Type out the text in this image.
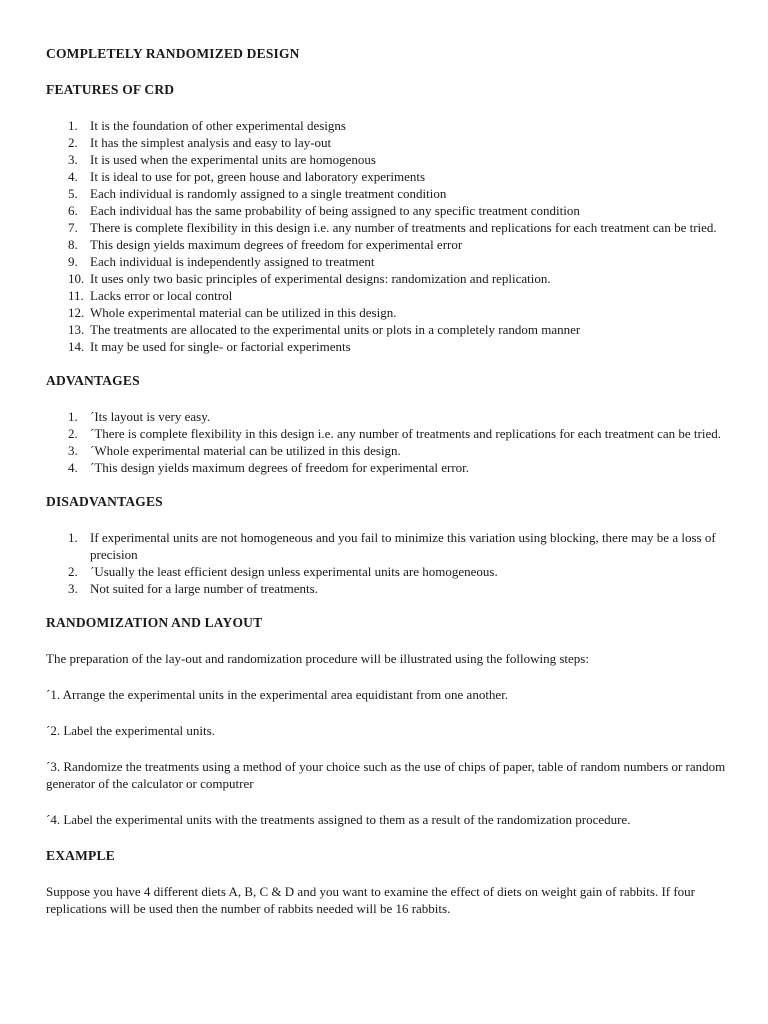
COMPLETELY RANDOMIZED DESIGN
FEATURES OF CRD
1. It is the foundation of other experimental designs
2. It has the simplest analysis and easy to lay-out
3. It is used when the experimental units are homogenous
4. It is ideal to use for pot, green house and laboratory experiments
5. Each individual is randomly assigned to a single treatment condition
6. Each individual has the same probability of being assigned to any specific treatment condition
7. There is complete flexibility in this design i.e. any number of treatments and replications for each treatment can be tried.
8. This design yields maximum degrees of freedom for experimental error
9. Each individual is independently assigned to treatment
10. It uses only two basic principles of experimental designs: randomization and replication.
11. Lacks error or local control
12. Whole experimental material can be utilized in this design.
13. The treatments are allocated to the experimental units or plots in a completely random manner
14. It may be used for single- or factorial experiments
ADVANTAGES
1. ´Its layout is very easy.
2. ´There is complete flexibility in this design i.e. any number of treatments and replications for each treatment can be tried.
3. ´Whole experimental material can be utilized in this design.
4. ´This design yields maximum degrees of freedom for experimental error.
DISADVANTAGES
1. If experimental units are not homogeneous and you fail to minimize this variation using blocking, there may be a loss of precision
2. ´Usually the least efficient design unless experimental units are homogeneous.
3. Not suited for a large number of treatments.
RANDOMIZATION AND LAYOUT

The preparation of the lay-out and randomization procedure will be illustrated using the following steps:

´1. Arrange the experimental units in the experimental area equidistant from one another.

´2. Label the experimental units.

´3. Randomize the treatments using a method of your choice such as the use of chips of paper, table of random numbers or random generator of the calculator or computrer

´4. Label the experimental units with the treatments assigned to them as a result of the randomization procedure.

EXAMPLE

Suppose you have 4 different diets A, B, C & D and you want to examine the effect of diets on weight gain of rabbits. If four replications will be used then the number of rabbits needed will be 16 rabbits.
